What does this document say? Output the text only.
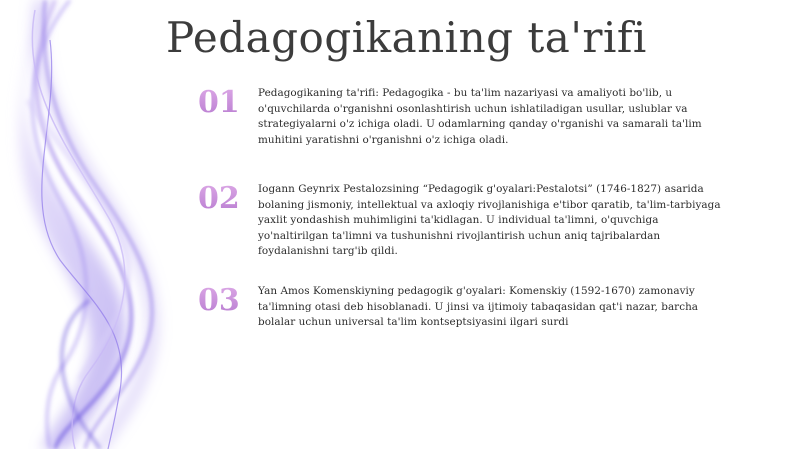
Pedagogikaning ta'rifi
01 Pedagogikaning ta'rifi: Pedagogika - bu ta'lim nazariyasi va amaliyoti bo'lib, u o'quvchilarda o'rganishni osonlashtirish uchun ishlatiladigan usullar, uslublar va strategiyalarni o'z ichiga oladi. U odamlarning qanday o'rganishi va samarali ta'lim muhitini yaratishni o'rganishni o'z ichiga oladi.
02 Iogann Geynrix Pestalozsining “Pedagogik g'oyalari:Pestalotsi” (1746-1827) asarida bolaning jismoniy, intellektual va axloqiy rivojlanishiga e'tibor qaratib, ta'lim-tarbiyaga yaxlit yondashish muhimligini ta'kidlagan. U individual ta'limni, o'quvchiga yo'naltirilgan ta'limni va tushunishni rivojlantirish uchun aniq tajribalardan foydalanishni targ'ib qildi.
03 Yan Amos Komenskiyning pedagogik g'oyalari: Komenskiy (1592-1670) zamonaviy ta'limning otasi deb hisoblanadi. U jinsi va ijtimoiy tabaqasidan qat'i nazar, barcha bolalar uchun universal ta'lim kontseptsiyasini ilgari surdi
